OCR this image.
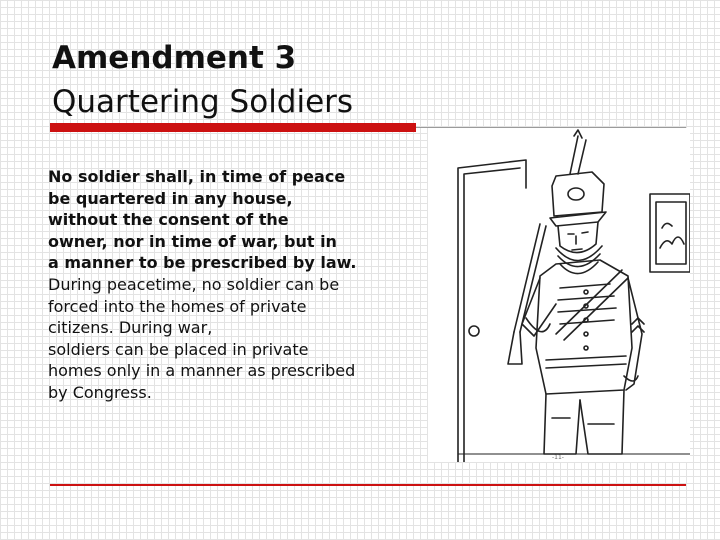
Amendment 3
Quartering Soldiers
No soldier shall, in time of peace
be quartered in any house,
without the consent of the
owner, nor in time of war, but in
a manner to be prescribed by law.
During peacetime, no soldier can be
forced into the homes of private
citizens. During war,
soldiers can be placed in private
homes only in a manner as prescribed
by Congress.
-11-
